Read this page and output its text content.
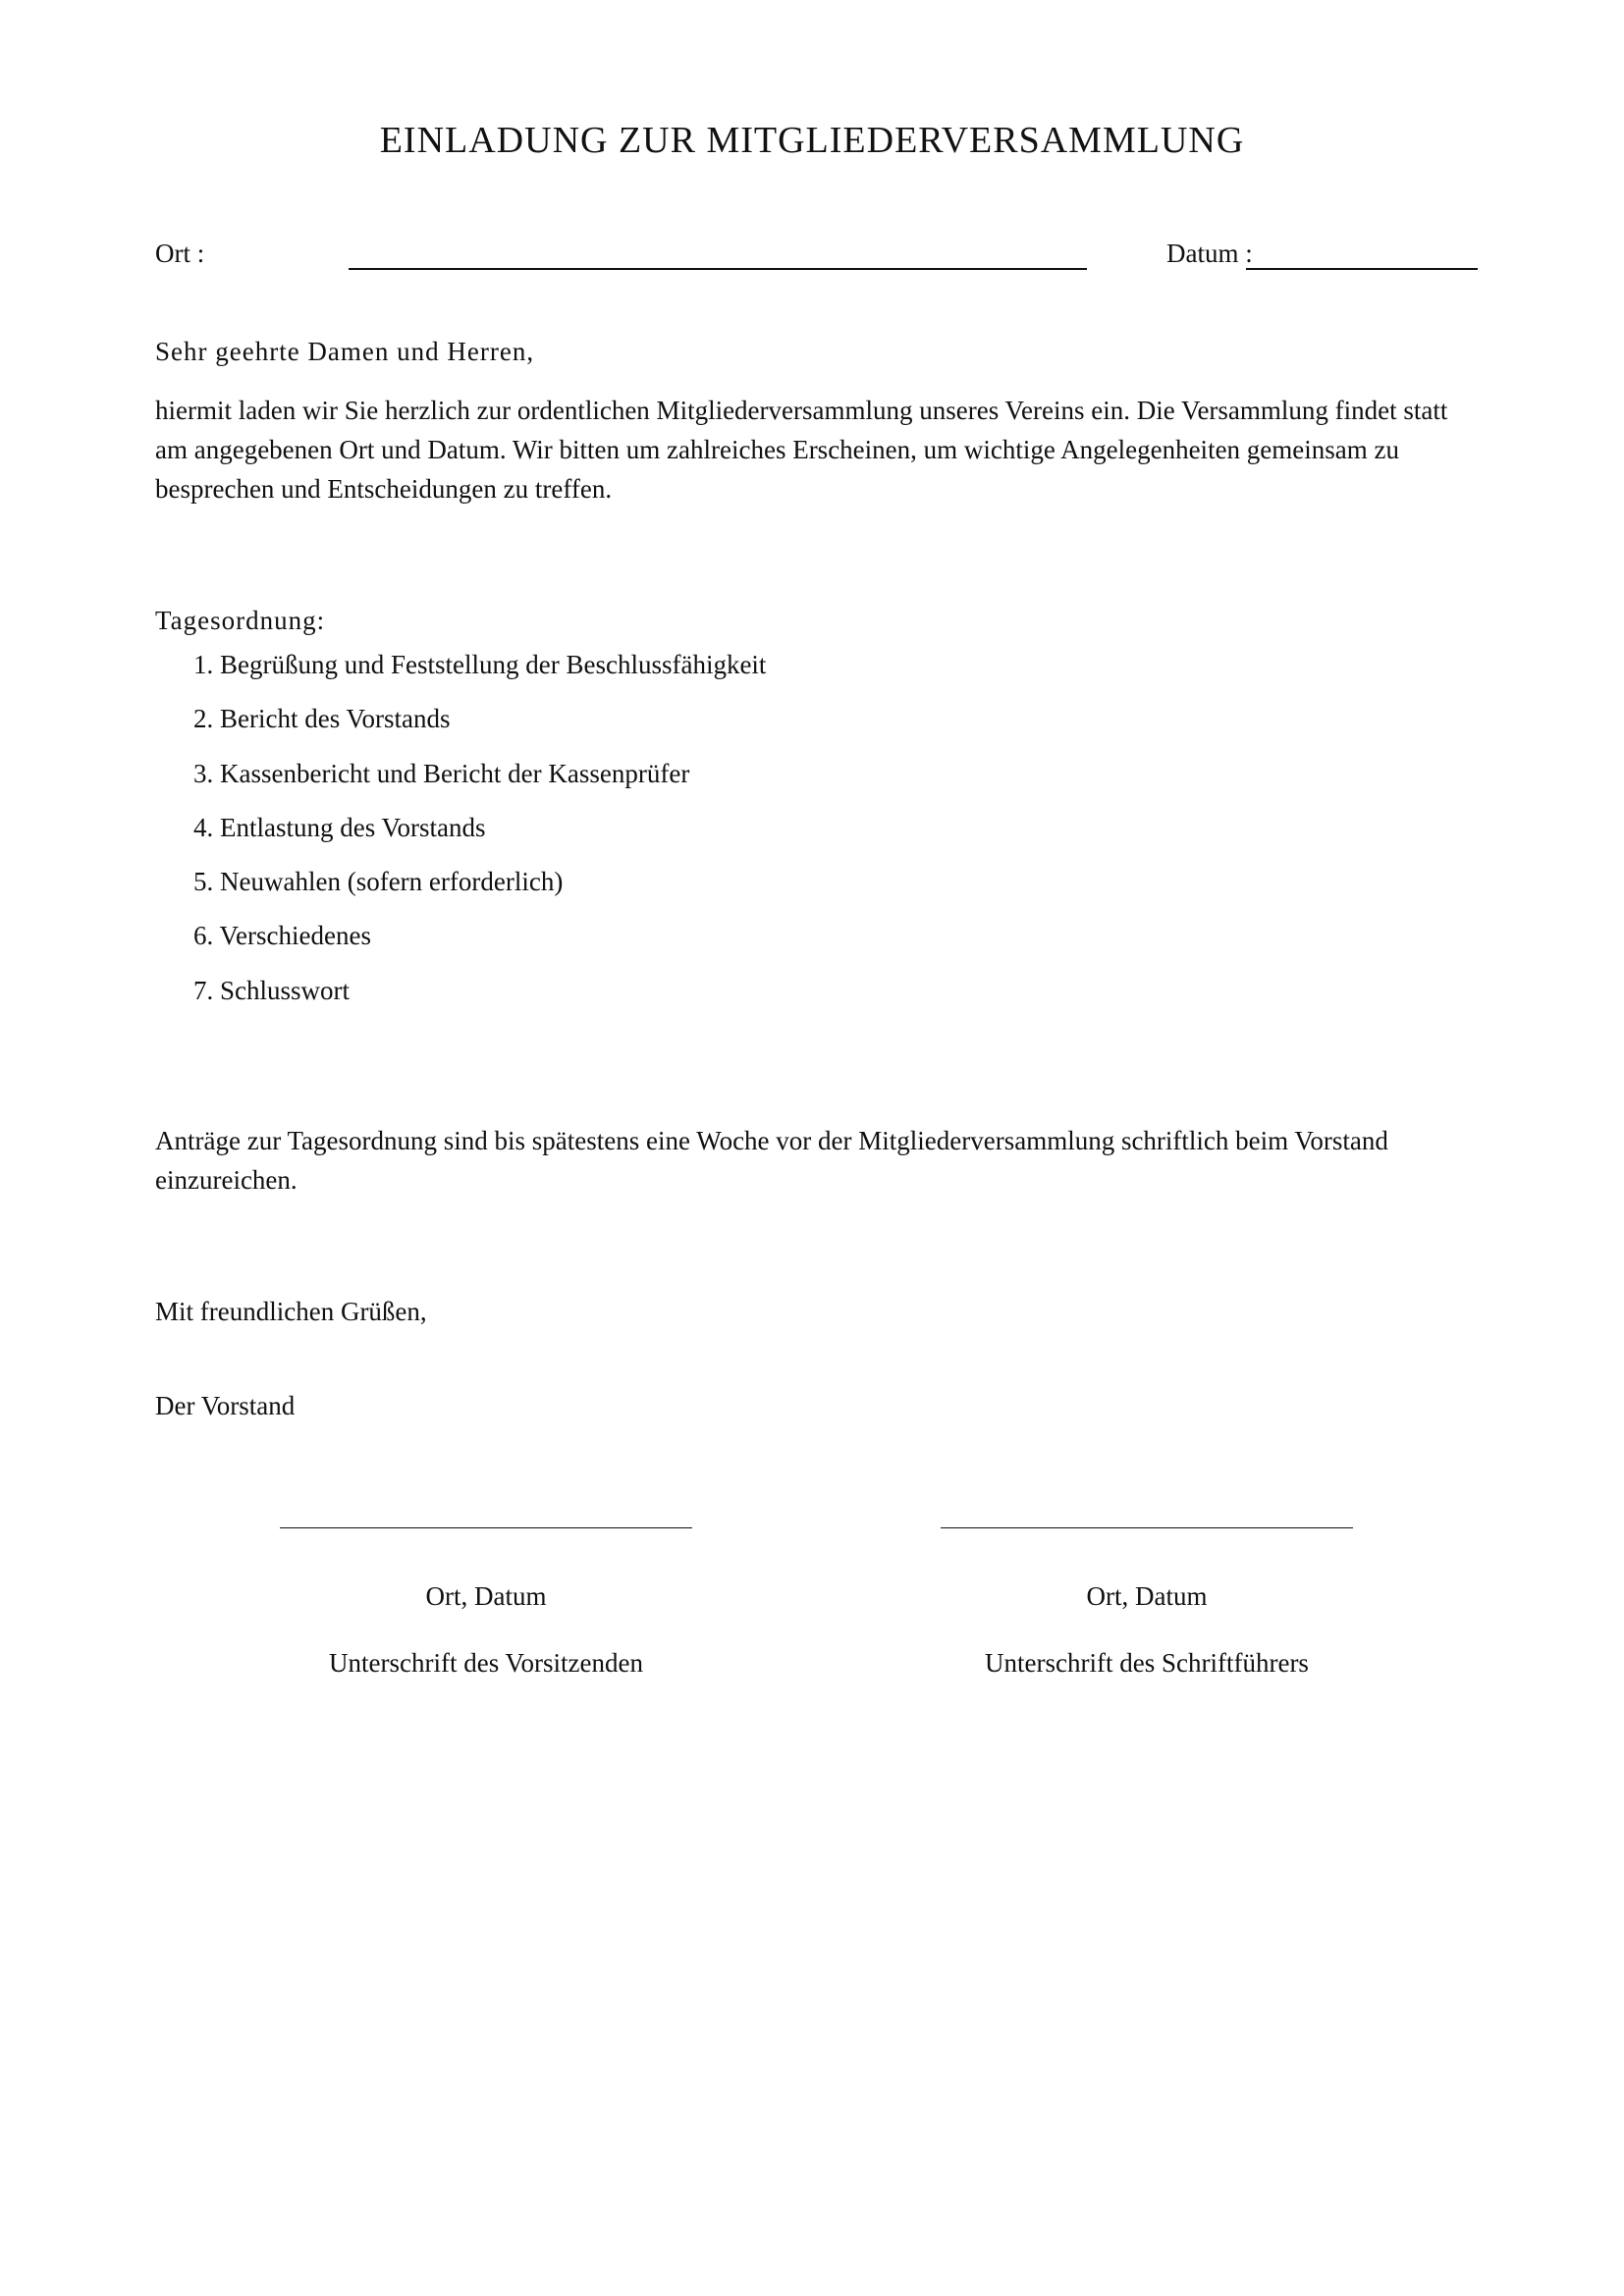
EINLADUNG ZUR MITGLIEDERVERSAMMLUNG
Ort :	Datum :
Sehr geehrte Damen und Herren,
hiermit laden wir Sie herzlich zur ordentlichen Mitgliederversammlung unseres Vereins ein. Die Versammlung findet statt am angegebenen Ort und Datum. Wir bitten um zahlreiches Erscheinen, um wichtige Angelegenheiten gemeinsam zu besprechen und Entscheidungen zu treffen.
Tagesordnung:
1. Begrüßung und Feststellung der Beschlussfähigkeit
2. Bericht des Vorstands
3. Kassenbericht und Bericht der Kassenprüfer
4. Entlastung des Vorstands
5. Neuwahlen (sofern erforderlich)
6. Verschiedenes
7. Schlusswort
Anträge zur Tagesordnung sind bis spätestens eine Woche vor der Mitgliederversammlung schriftlich beim Vorstand einzureichen.
Mit freundlichen Grüßen,
Der Vorstand
Ort, Datum
Unterschrift des Vorsitzenden
Ort, Datum
Unterschrift des Schriftführers
